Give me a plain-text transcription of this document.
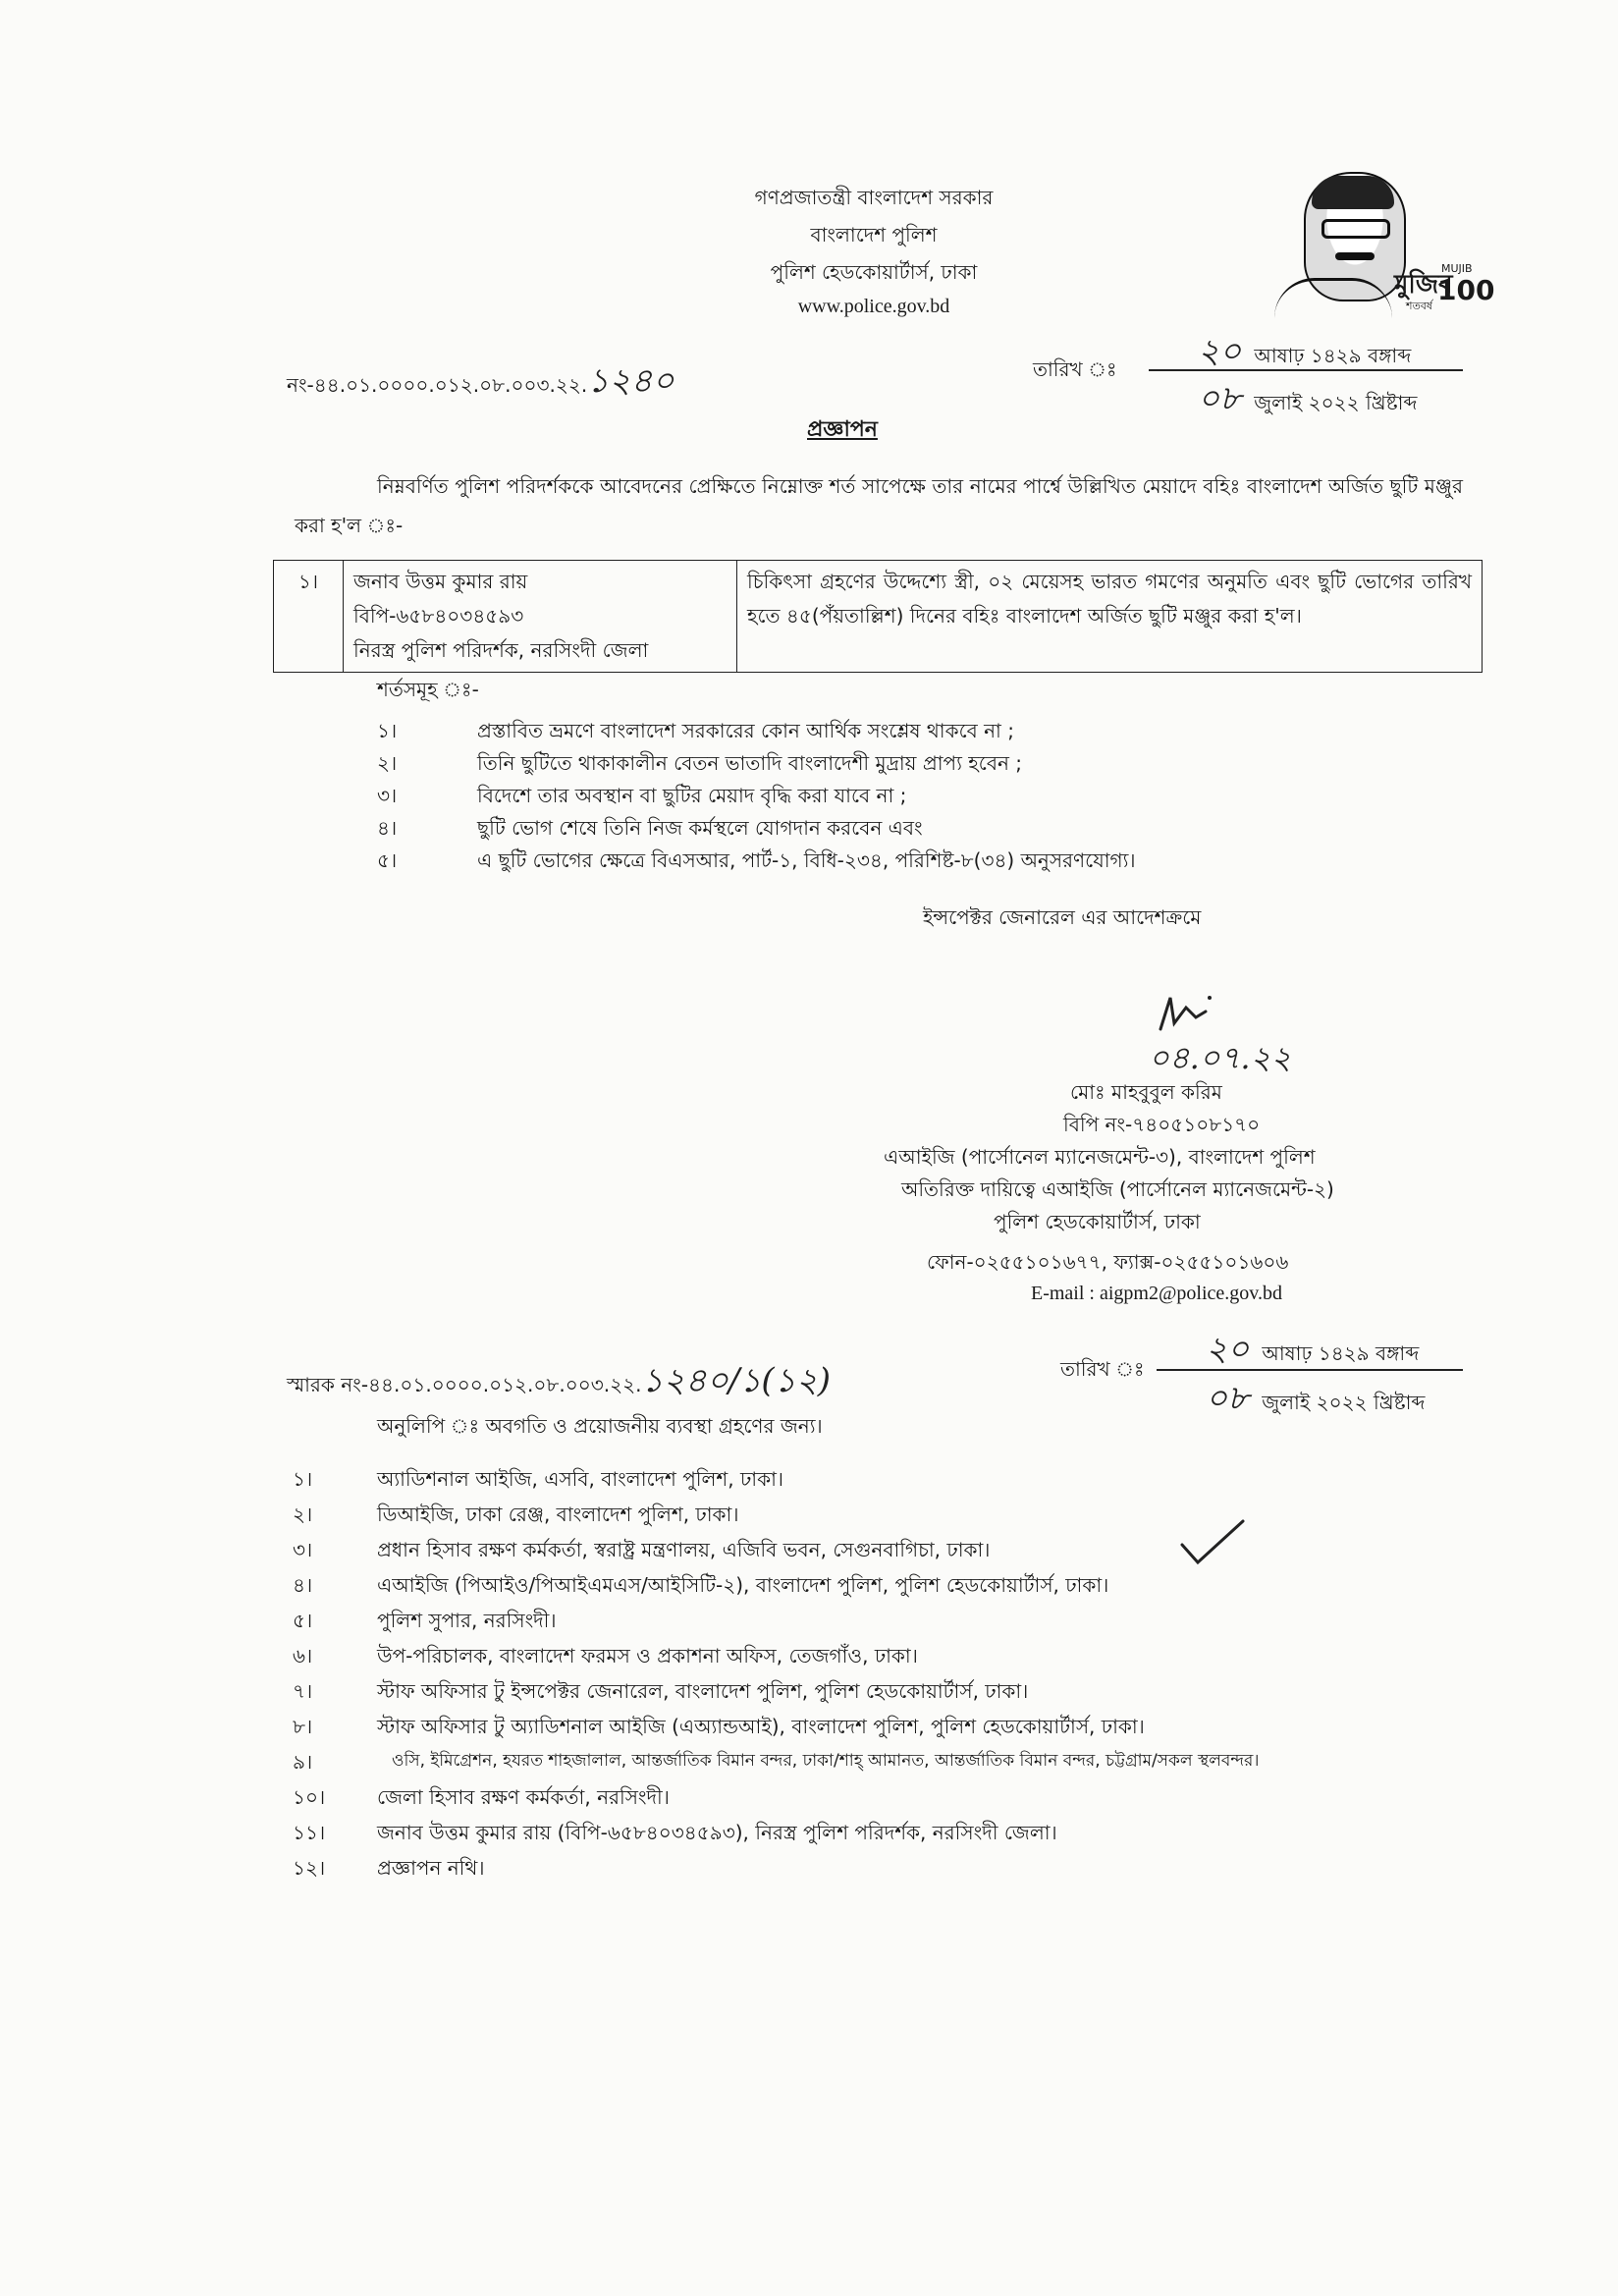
গণপ্রজাতন্ত্রী বাংলাদেশ সরকার
বাংলাদেশ পুলিশ
পুলিশ হেডকোয়ার্টার্স, ঢাকা
www.police.gov.bd
মুজিব
MUJIB
100
শতবর্ষ
নং-৪৪.০১.০০০০.০১২.০৮.০০৩.২২.১২৪০	তারিখ ঃ ২০ আষাঢ় ১৪২৯ বঙ্গাব্দ
০৮ জুলাই ২০২২ খ্রিষ্টাব্দ
প্রজ্ঞাপন
নিম্নবর্ণিত পুলিশ পরিদর্শককে আবেদনের প্রেক্ষিতে নিম্নোক্ত শর্ত সাপেক্ষে তার নামের পার্শ্বে উল্লিখিত মেয়াদে বহিঃ বাংলাদেশ অর্জিত ছুটি মঞ্জুর করা হ'ল ঃ-
১।	জনাব উত্তম কুমার রায়
বিপি-৬৫৮৪০৩৪৫৯৩
নিরস্ত্র পুলিশ পরিদর্শক, নরসিংদী জেলা
	চিকিৎসা গ্রহণের উদ্দেশ্যে স্ত্রী, ০২ মেয়েসহ ভারত গমণের অনুমতি এবং ছুটি ভোগের তারিখ হতে ৪৫(পঁয়তাল্লিশ) দিনের বহিঃ বাংলাদেশ অর্জিত ছুটি মঞ্জুর করা হ'ল।
শর্তসমূহ ঃ-
১।	প্রস্তাবিত ভ্রমণে বাংলাদেশ সরকারের কোন আর্থিক সংশ্লেষ থাকবে না ;
২।	তিনি ছুটিতে থাকাকালীন বেতন ভাতাদি বাংলাদেশী মুদ্রায় প্রাপ্য হবেন ;
৩।	বিদেশে তার অবস্থান বা ছুটির মেয়াদ বৃদ্ধি করা যাবে না ;
৪।	ছুটি ভোগ শেষে তিনি নিজ কর্মস্থলে যোগদান করবেন এবং
৫।	এ ছুটি ভোগের ক্ষেত্রে বিএসআর, পার্ট-১, বিধি-২৩৪, পরিশিষ্ট-৮(৩৪) অনুসরণযোগ্য।
ইন্সপেক্টর জেনারেল এর আদেশক্রমে
০৪.০৭.২২
মোঃ মাহবুবুল করিম
বিপি নং-৭৪০৫১০৮১৭০
এআইজি (পার্সোনেল ম্যানেজমেন্ট-৩), বাংলাদেশ পুলিশ
অতিরিক্ত দায়িত্বে এআইজি (পার্সোনেল ম্যানেজমেন্ট-২)
পুলিশ হেডকোয়ার্টার্স, ঢাকা
ফোন-০২৫৫১০১৬৭৭, ফ্যাক্স-০২৫৫১০১৬০৬
E-mail : aigpm2@police.gov.bd
স্মারক নং-৪৪.০১.০০০০.০১২.০৮.০০৩.২২.১২৪০/১(১২)	তারিখ ঃ ২০ আষাঢ় ১৪২৯ বঙ্গাব্দ
০৮ জুলাই ২০২২ খ্রিষ্টাব্দ
অনুলিপি ঃ অবগতি ও প্রয়োজনীয় ব্যবস্থা গ্রহণের জন্য।
১।	অ্যাডিশনাল আইজি, এসবি, বাংলাদেশ পুলিশ, ঢাকা।
২।	ডিআইজি, ঢাকা রেঞ্জ, বাংলাদেশ পুলিশ, ঢাকা।
৩।	প্রধান হিসাব রক্ষণ কর্মকর্তা, স্বরাষ্ট্র মন্ত্রণালয়, এজিবি ভবন, সেগুনবাগিচা, ঢাকা।
৪।	এআইজি (পিআইও/পিআইএমএস/আইসিটি-২), বাংলাদেশ পুলিশ, পুলিশ হেডকোয়ার্টার্স, ঢাকা।
৫।	পুলিশ সুপার, নরসিংদী।
৬।	উপ-পরিচালক, বাংলাদেশ ফরমস ও প্রকাশনা অফিস, তেজগাঁও, ঢাকা।
৭।	স্টাফ অফিসার টু ইন্সপেক্টর জেনারেল, বাংলাদেশ পুলিশ, পুলিশ হেডকোয়ার্টার্স, ঢাকা।
৮।	স্টাফ অফিসার টু অ্যাডিশনাল আইজি (এঅ্যান্ডআই), বাংলাদেশ পুলিশ, পুলিশ হেডকোয়ার্টার্স, ঢাকা।
৯।	ওসি, ইমিগ্রেশন, হযরত শাহজালাল, আন্তর্জাতিক বিমান বন্দর, ঢাকা/শাহ্ আমানত, আন্তর্জাতিক বিমান বন্দর, চট্টগ্রাম/সকল স্থলবন্দর।
১০।	জেলা হিসাব রক্ষণ কর্মকর্তা, নরসিংদী।
১১।	জনাব উত্তম কুমার রায় (বিপি-৬৫৮৪০৩৪৫৯৩), নিরস্ত্র পুলিশ পরিদর্শক, নরসিংদী জেলা।
১২।	প্রজ্ঞাপন নথি।
